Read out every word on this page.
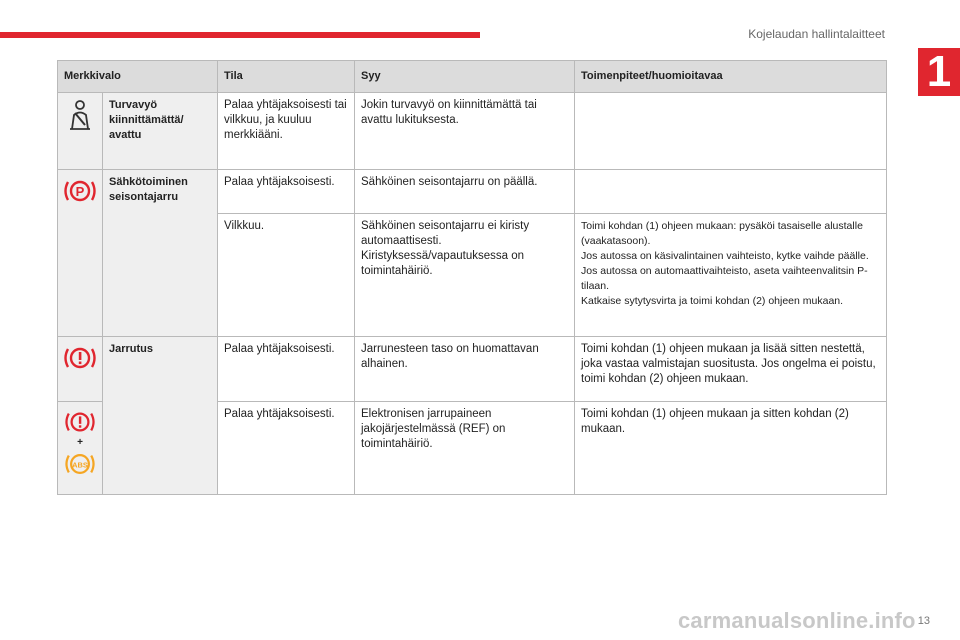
Kojelaudan hallintalaitteet
1
Merkkivalo		Tila	Syy	Toimenpiteet/huomioitavaa

	Turvavyö kiinnittämättä/ avattu	Palaa yhtäjaksoisesti tai vilkkuu, ja kuuluu merkkiääni.	Jokin turvavyö on kiinnittämättä tai avattu lukituksesta.	

P	Sähkötoiminen seisontajarru	Palaa yhtäjaksoisesti.	Sähköinen seisontajarru on päällä.	
		Vilkkuu.	Sähköinen seisontajarru ei kiristy automaattisesti.
Kiristyksessä/vapautuksessa on toimintahäiriö.	Toimi kohdan (1) ohjeen mukaan: pysäköi tasaiselle alustalle (vaakatasoon).
Jos autossa on käsivalintainen vaihteisto, kytke vaihde päälle.
Jos autossa on automaattivaihteisto, aseta vaihteenvalitsin P-tilaan.
Katkaise sytytysvirta ja toimi kohdan (2) ohjeen mukaan.

	Jarrutus	Palaa yhtäjaksoisesti.	Jarrunesteen taso on huomattavan alhainen.	Toimi kohdan (1) ohjeen mukaan ja lisää sitten nestettä, joka vastaa valmistajan suositusta. Jos ongelma ei poistu, toimi kohdan (2) ohjeen mukaan.

+
ABS		Palaa yhtäjaksoisesti.	Elektronisen jarrupaineen jakojärjestelmässä (REF) on toimintahäiriö.	Toimi kohdan (1) ohjeen mukaan ja sitten kohdan (2) mukaan.
carmanualsonline.info 13
